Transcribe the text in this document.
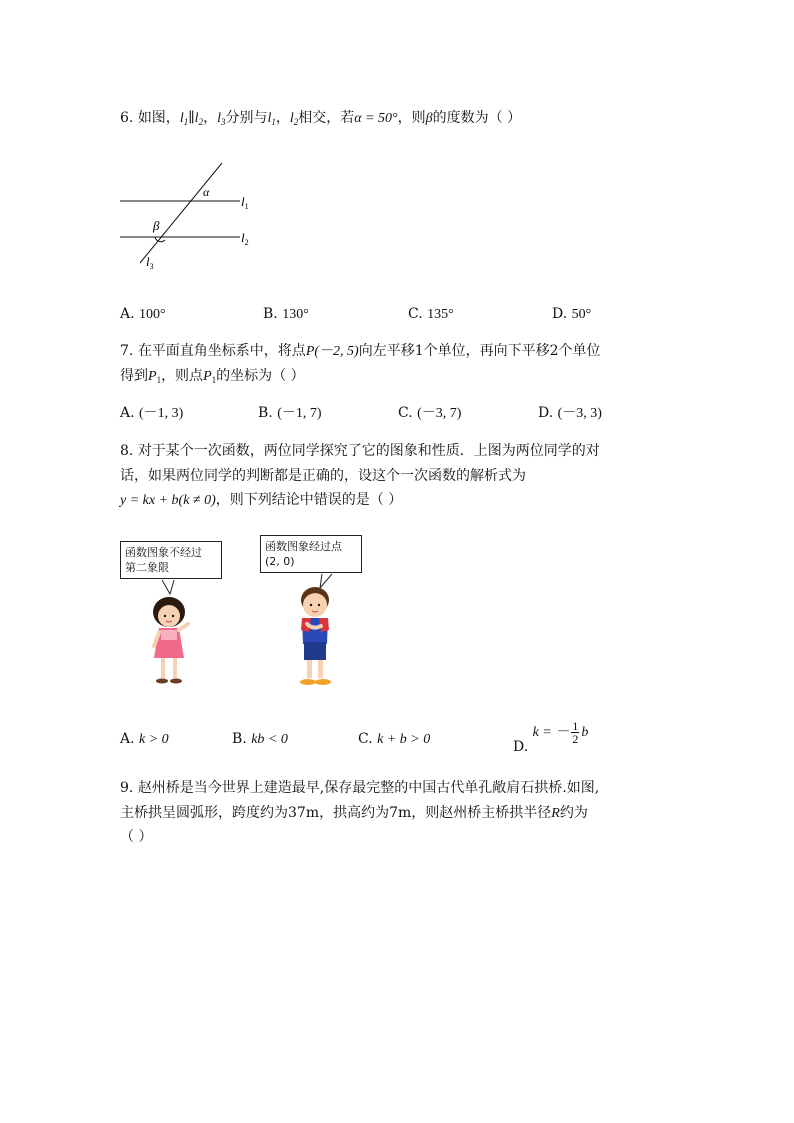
6. 如图，$l_1\parallel l_2$，$l_3$分别与$l_1$，$l_2$相交，若α = 50°，则β的度数为（ ）
α
β
$l_1$
$l_2$
$l_3$
A. 100°	B. 130°	C. 135°	D. 50°
7. 在平面直角坐标系中，将点P(－2, 5)向左平移1个单位，再向下平移2个单位
得到$P_1$，则点$P_1$的坐标为（ ）
A. (－1, 3)	B. (－1, 7)	C. (－3, 7)	D. (－3, 3)
8. 对于某个一次函数，两位同学探究了它的图象和性质．上图为两位同学的对
话，如果两位同学的判断都是正确的，设这个一次函数的解析式为
y = kx + b(k ≠ 0)，则下列结论中错误的是（ ）
函数图象不经过
第二象限
函数图象经过点
(2, 0)
A. k > 0	B. kb < 0	C. k + b > 0	D.
k = － 1
2 b
9. 赵州桥是当今世界上建造最早,保存最完整的中国古代单孔敞肩石拱桥.如图,
主桥拱呈圆弧形，跨度约为37m，拱高约为7m，则赵州桥主桥拱半径R约为
（ ）
